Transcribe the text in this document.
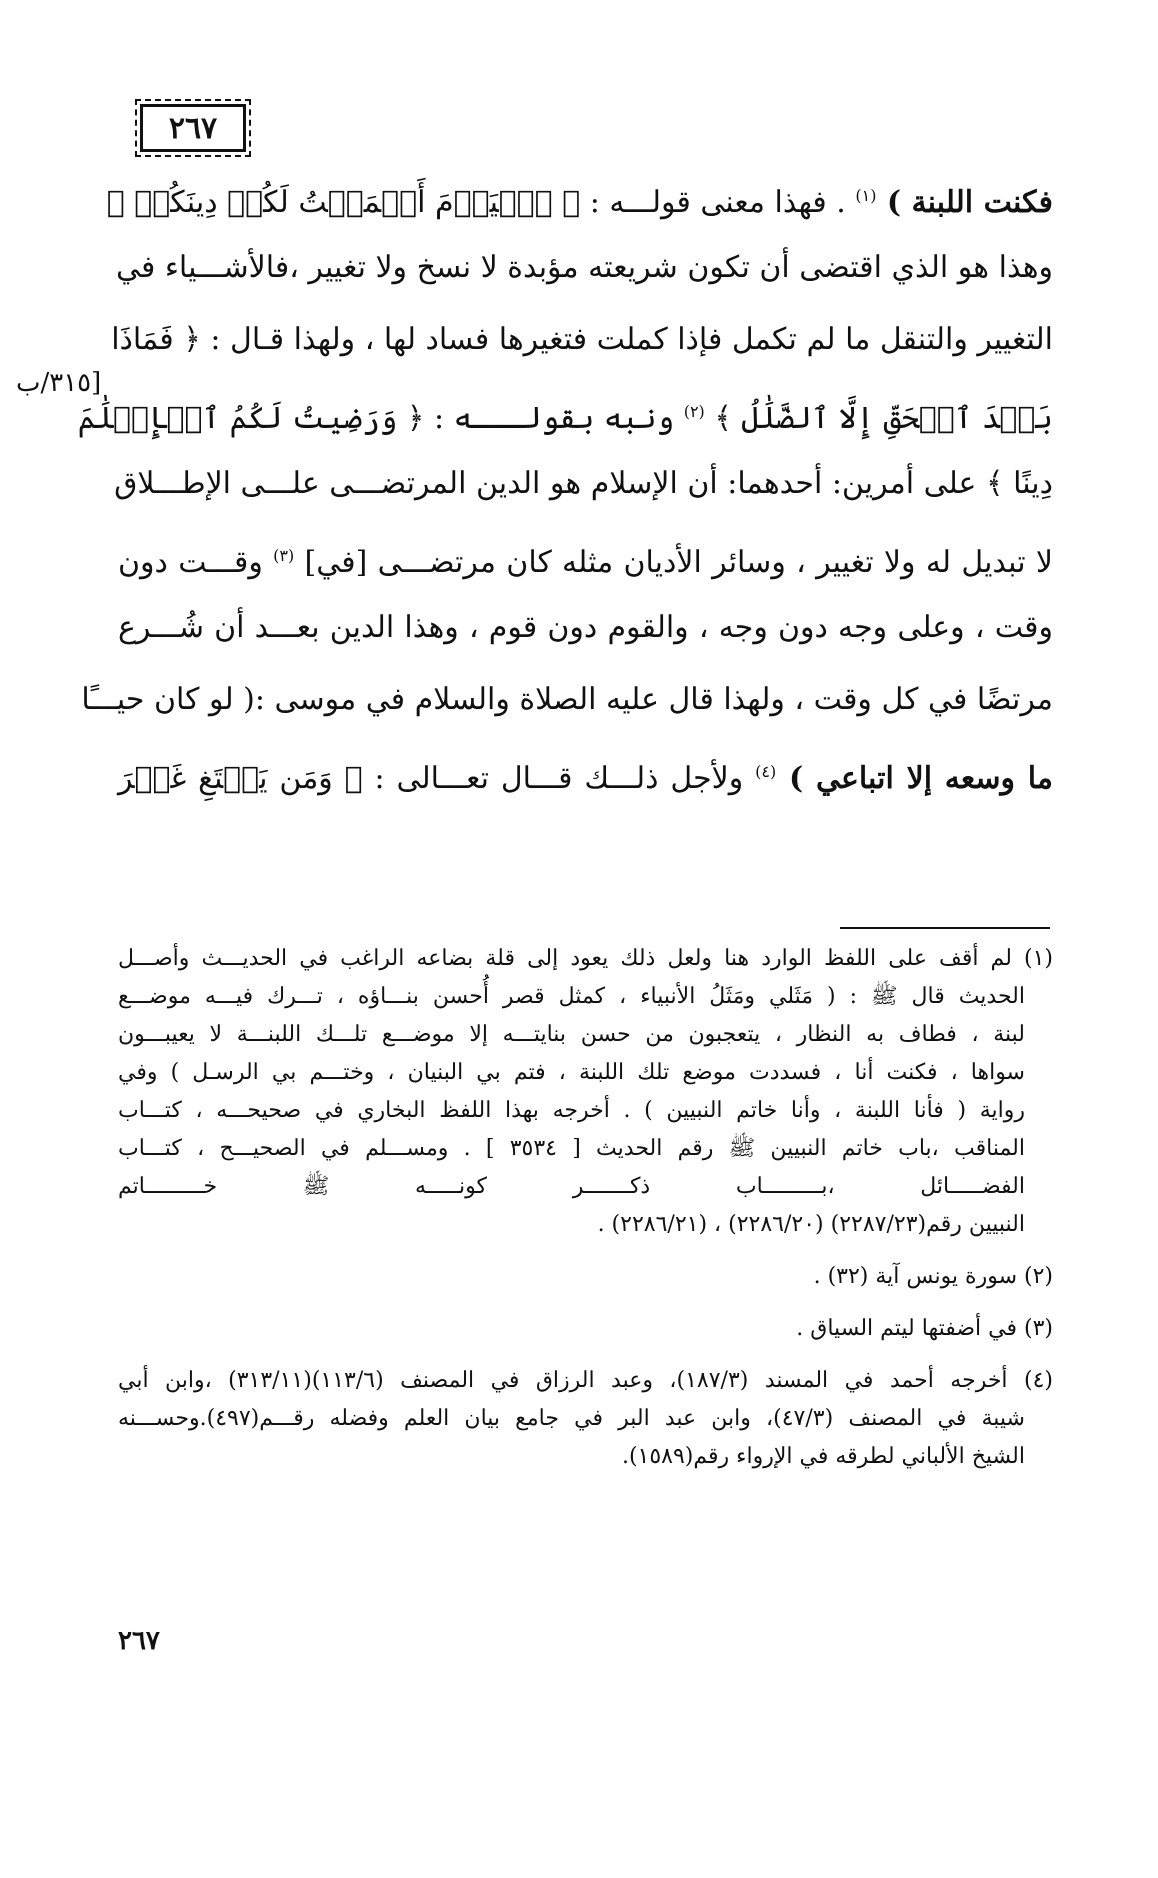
٢٦٧
[٣١٥/ب
فكنت اللبنة ) $^{(١)}$ . فهذا معنى قولـــه : ﴿ ٱلۡيَوۡمَ أَكۡمَلۡتُ لَكُمۡ دِينَكُمۡ ﴾
وهذا هو الذي اقتضى أن تكون شريعته مؤبدة لا نسخ ولا تغيير ،فالأشـــياء في
التغيير والتنقل ما لم تكمل فإذا كملت فتغيرها فساد لها ، ولهذا قـال : ﴿ فَمَاذَا
بَعۡدَ ٱلۡحَقِّ إِلَّا ٱلضَّلَٰلُ ﴾ $^{(٢)}$ ونبه بقولـــه : ﴿ وَرَضِيتُ لَكُمُ ٱلۡإِسۡلَٰمَ
دِينًا ﴾ على أمرين: أحدهما: أن الإسلام هو الدين المرتضـــى علـــى الإطـــلاق
لا تبديل له ولا تغيير ، وسائر الأديان مثله كان مرتضـــى [في] $^{(٣)}$ وقـــت دون
وقت ، وعلى وجه دون وجه ، والقوم دون قوم ، وهذا الدين بعـــد أن شُـــرع
مرتضًا في كل وقت ، ولهذا قال عليه الصلاة والسلام في موسى :( لو كان حيـــًا
ما وسعه إلا اتباعي ) $^{(٤)}$ ولأجل ذلـــك قـــال تعـــالى : ﴿ وَمَن يَبۡتَغِ غَيۡرَ
(١) لم أقف على اللفظ الوارد هنا ولعل ذلك يعود إلى قلة بضاعه الراغب في الحديـــث وأصـــل
الحديث قال ﷺ : ( مَثَلي ومَثَلُ الأنبياء ، كمثل قصر أُحسن بنـــاؤه ، تـــرك فيـــه موضـــع
لبنة ، فطاف به النظار ، يتعجبون من حسن بنايتـــه إلا موضـــع تلـــك اللبنـــة لا يعيبـــون
سواها ، فكنت أنا ، فسددت موضع تلك اللبنة ، فتم بي البنيان ، وختـــم بي الرسـل ) وفي
رواية ( فأنا اللبنة ، وأنا خاتم النبيين ) . أخرجه بهذا اللفظ البخاري في صحيحـــه ، كتـــاب
المناقب ،باب خاتم النبيين ﷺ رقم الحديث [ ٣٥٣٤ ] . ومســـلم في الصحيـــح ، كتـــاب
الفضـــــائل ،بـــــــــاب ذكـــــــر كونـــــه ﷺ خـــــــــاتم
النبيين رقم(٢٢٨٧/٢٣) (٢٢٨٦/٢٠) ، (٢٢٨٦/٢١) .
(٢) سورة يونس آية (٣٢) .
(٣) في أضفتها ليتم السياق .
(٤) أخرجه أحمد في المسند (١٨٧/٣)، وعبد الرزاق في المصنف (١١٣/٦)(٣١٣/١١) ،وابن أبي
شيبة في المصنف (٤٧/٣)، وابن عبد البر في جامع بيان العلم وفضله رقـــم(٤٩٧).وحســـنه
الشيخ الألباني لطرقه في الإرواء رقم(١٥٨٩).
٢٦٧
